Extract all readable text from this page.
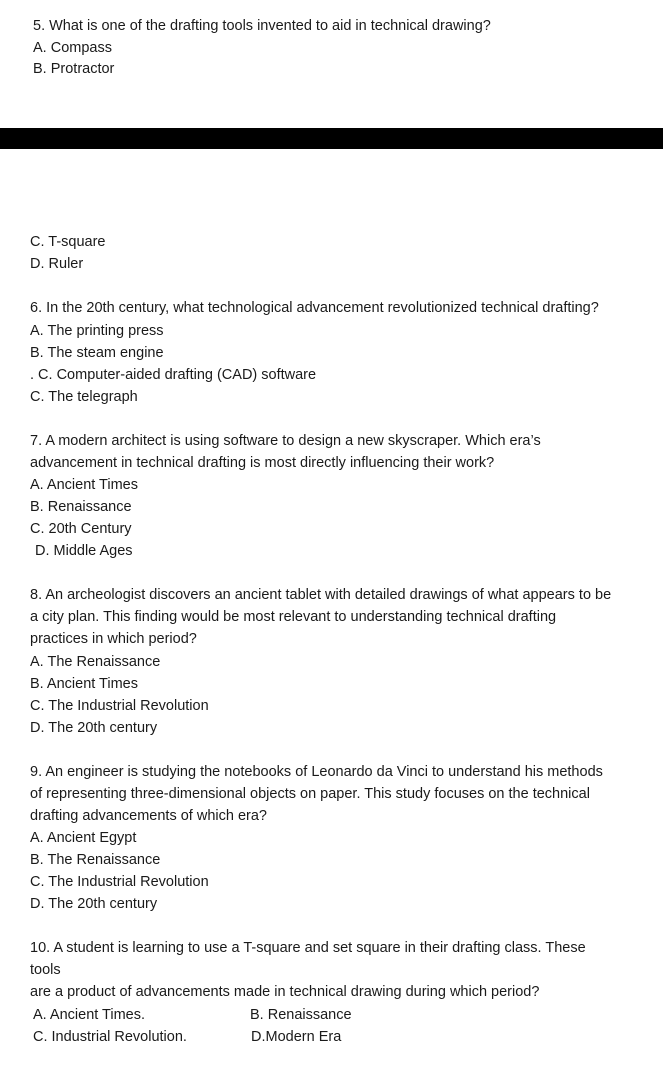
5. What is one of the drafting tools invented to aid in technical drawing?
A. Compass
B. Protractor
C. T-square
D. Ruler
6. In the 20th century, what technological advancement revolutionized technical drafting?
A. The printing press
B. The steam engine
. C. Computer-aided drafting (CAD) software
C. The telegraph
7. A modern architect is using software to design a new skyscraper. Which era’s
advancement in technical drafting is most directly influencing their work?
A. Ancient Times
B. Renaissance
C. 20th Century
D. Middle Ages
8. An archeologist discovers an ancient tablet with detailed drawings of what appears to be
a city plan. This finding would be most relevant to understanding technical drafting
practices in which period?
A. The Renaissance
B. Ancient Times
C. The Industrial Revolution
D. The 20th century
9. An engineer is studying the notebooks of Leonardo da Vinci to understand his methods
of representing three-dimensional objects on paper. This study focuses on the technical
drafting advancements of which era?
A. Ancient Egypt
B. The Renaissance
C. The Industrial Revolution
D. The 20th century
10. A student is learning to use a T-square and set square in their drafting class. These
tools
are a product of advancements made in technical drawing during which period?
A. Ancient Times.	B. Renaissance
C. Industrial Revolution.	D.Modern Era
